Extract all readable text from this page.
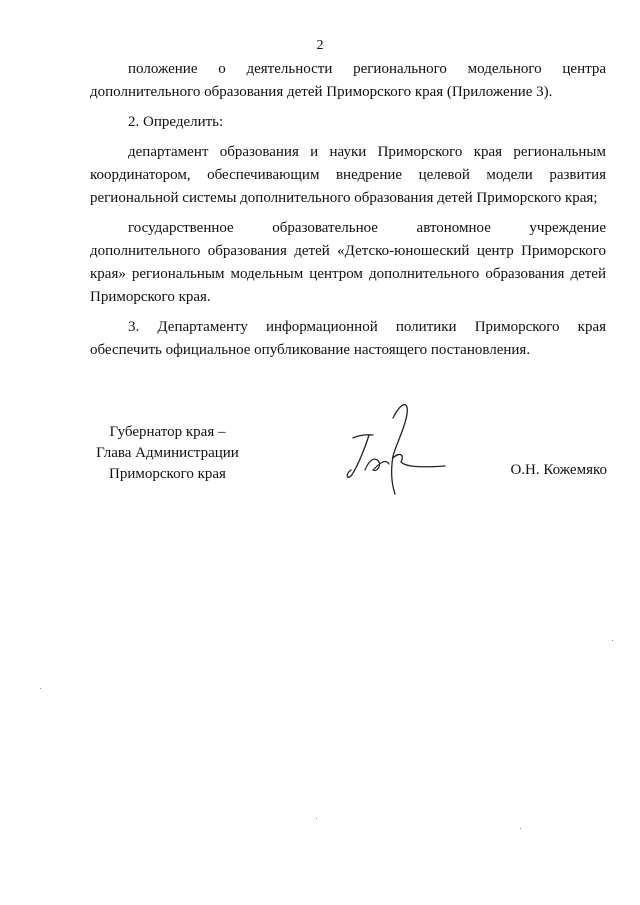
2

положение о деятельности регионального модельного центра дополнительного образования детей Приморского края (Приложение 3).

2. Определить:

департамент образования и науки Приморского края региональным координатором, обеспечивающим внедрение целевой модели развития региональной системы дополнительного образования детей Приморского края;

государственное образовательное автономное учреждение дополнительного образования детей «Детско-юношеский центр Приморского края» региональным модельным центром дополнительного образования детей Приморского края.

3. Департаменту информационной политики Приморского края обеспечить официальное опубликование настоящего постановления.

Губернатор края –
Глава Администрации
Приморского края	О.Н. Кожемяко
